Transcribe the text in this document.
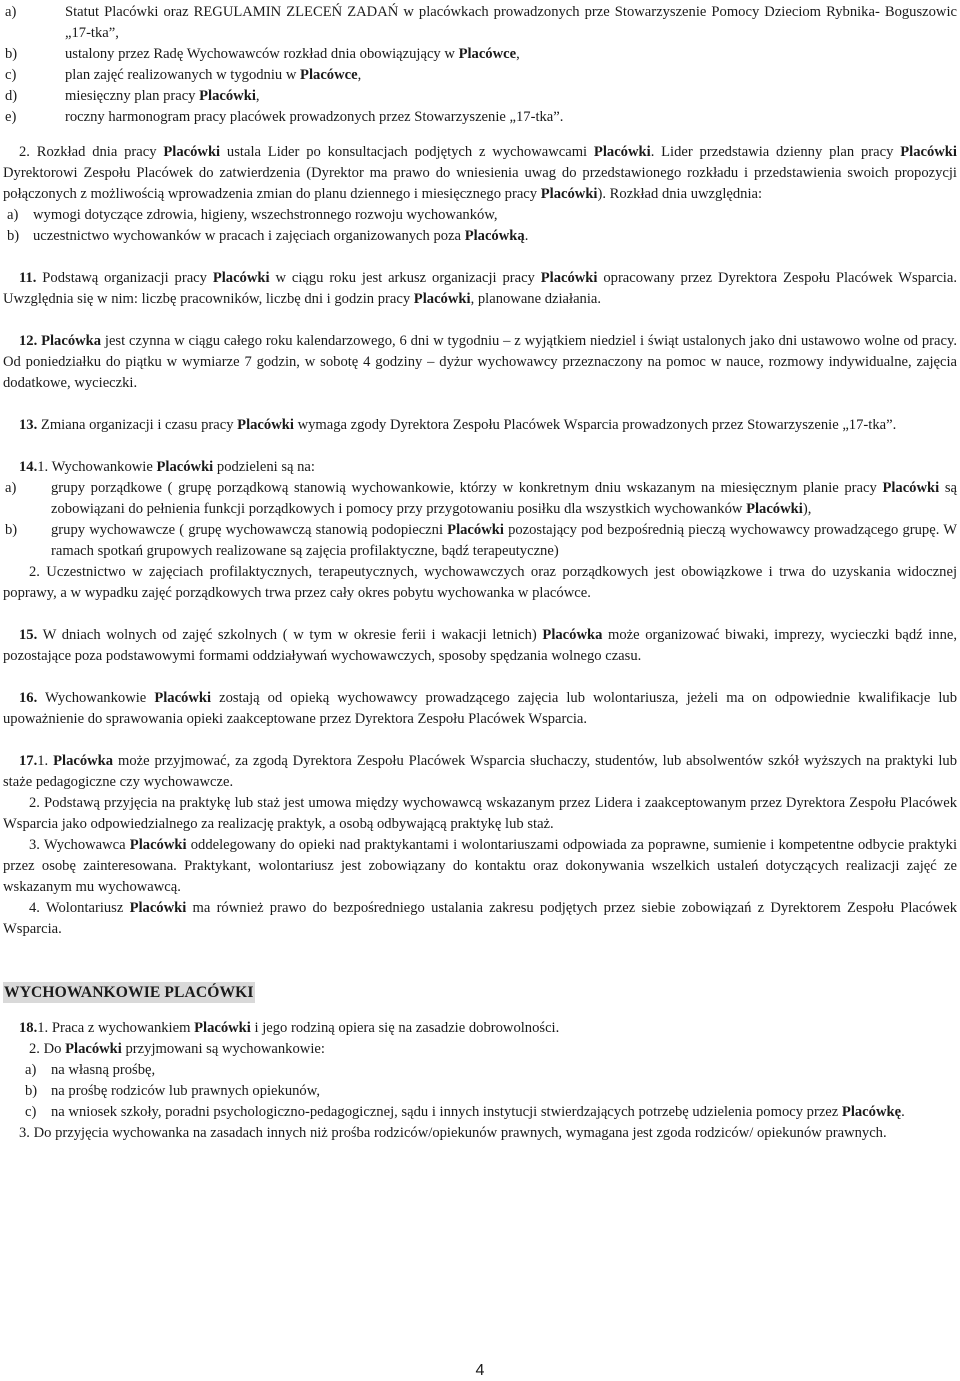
a)	Statut Placówki oraz REGULAMIN ZLECEŃ ZADAŃ w placówkach prowadzonych prze Stowarzyszenie Pomocy Dzieciom Rybnika- Boguszowic „17-tka”,
b)	ustalony przez Radę Wychowawców rozkład dnia obowiązujący w Placówce,
c)	plan zajęć realizowanych w tygodniu w Placówce,
d)	miesięczny plan pracy Placówki,
e)	roczny harmonogram pracy placówek prowadzonych przez Stowarzyszenie „17-tka”.

2. Rozkład dnia pracy Placówki ustala Lider po konsultacjach podjętych z wychowawcami Placówki. Lider przedstawia dzienny plan pracy Placówki Dyrektorowi Zespołu Placówek do zatwierdzenia (Dyrektor ma prawo do wniesienia uwag do przedstawionego rozkładu i przedstawienia swoich propozycji połączonych z możliwością wprowadzenia zmian do planu dziennego i miesięcznego pracy Placówki). Rozkład dnia uwzględnia:

a)	wymogi dotyczące zdrowia, higieny, wszechstronnego rozwoju wychowanków,
b) uczestnictwo wychowanków w pracach i zajęciach organizowanych poza Placówką.

11. Podstawą organizacji pracy Placówki w ciągu roku jest arkusz organizacji pracy Placówki opracowany przez Dyrektora Zespołu Placówek Wsparcia. Uwzględnia się w nim: liczbę pracowników, liczbę dni i godzin pracy Placówki, planowane działania.

12. Placówka jest czynna w ciągu całego roku kalendarzowego, 6 dni w tygodniu – z wyjątkiem niedziel i świąt ustalonych jako dni ustawowo wolne od pracy. Od poniedziałku do piątku w wymiarze 7 godzin, w sobotę 4 godziny – dyżur wychowawcy przeznaczony na pomoc w nauce, rozmowy indywidualne, zajęcia dodatkowe, wycieczki.

13. Zmiana organizacji i czasu pracy Placówki wymaga zgody Dyrektora Zespołu Placówek Wsparcia prowadzonych przez Stowarzyszenie „17-tka”.

14.1. Wychowankowie Placówki podzieleni są na:

a)	grupy porządkowe ( grupę porządkową stanowią wychowankowie, którzy w konkretnym dniu wskazanym na miesięcznym planie pracy Placówki są zobowiązani do pełnienia funkcji porządkowych i pomocy przy przygotowaniu posiłku dla wszystkich wychowanków Placówki),
b)	grupy wychowawcze ( grupę wychowawczą stanowią podopieczni Placówki pozostający pod bezpośrednią pieczą wychowawcy prowadzącego grupę. W ramach spotkań grupowych realizowane są zajęcia profilaktyczne, bądź terapeutyczne)

2. Uczestnictwo w zajęciach profilaktycznych, terapeutycznych, wychowawczych oraz porządkowych jest obowiązkowe i trwa do uzyskania widocznej poprawy, a w wypadku zajęć porządkowych trwa przez cały okres pobytu wychowanka w placówce.

15. W dniach wolnych od zajęć szkolnych ( w tym w okresie ferii i wakacji letnich) Placówka może organizować biwaki, imprezy, wycieczki bądź inne, pozostające poza podstawowymi formami oddziaływań wychowawczych, sposoby spędzania wolnego czasu.

16. Wychowankowie Placówki zostają od opieką wychowawcy prowadzącego zajęcia lub wolontariusza, jeżeli ma on odpowiednie kwalifikacje lub upoważnienie do sprawowania opieki zaakceptowane przez Dyrektora Zespołu Placówek Wsparcia.

17.1. Placówka może przyjmować, za zgodą Dyrektora Zespołu Placówek Wsparcia słuchaczy, studentów, lub absolwentów szkół wyższych na praktyki lub staże pedagogiczne czy wychowawcze.

2. Podstawą przyjęcia na praktykę lub staż jest umowa między wychowawcą wskazanym przez Lidera i zaakceptowanym przez Dyrektora Zespołu Placówek Wsparcia jako odpowiedzialnego za realizację praktyk, a osobą odbywającą praktykę lub staż.

3. Wychowawca Placówki oddelegowany do opieki nad praktykantami i wolontariuszami odpowiada za poprawne, sumienie i kompetentne odbycie praktyki przez osobę zainteresowana. Praktykant, wolontariusz jest zobowiązany do kontaktu oraz dokonywania wszelkich ustaleń dotyczących realizacji zajęć ze wskazanym mu wychowawcą.

4. Wolontariusz Placówki ma również prawo do bezpośredniego ustalania zakresu podjętych przez siebie zobowiązań z Dyrektorem Zespołu Placówek Wsparcia.

WYCHOWANKOWIE PLACÓWKI

18.1. Praca z wychowankiem Placówki i jego rodziną opiera się na zasadzie dobrowolności.

2. Do Placówki przyjmowani są wychowankowie:

a)	na własną prośbę,
b) na prośbę rodziców lub prawnych opiekunów,
c)	na wniosek szkoły, poradni psychologiczno-pedagogicznej, sądu i innych instytucji stwierdzających potrzebę udzielenia pomocy przez Placówkę.

3. Do przyjęcia wychowanka na zasadach innych niż prośba rodziców/opiekunów prawnych, wymagana jest zgoda rodziców/ opiekunów prawnych.

4
